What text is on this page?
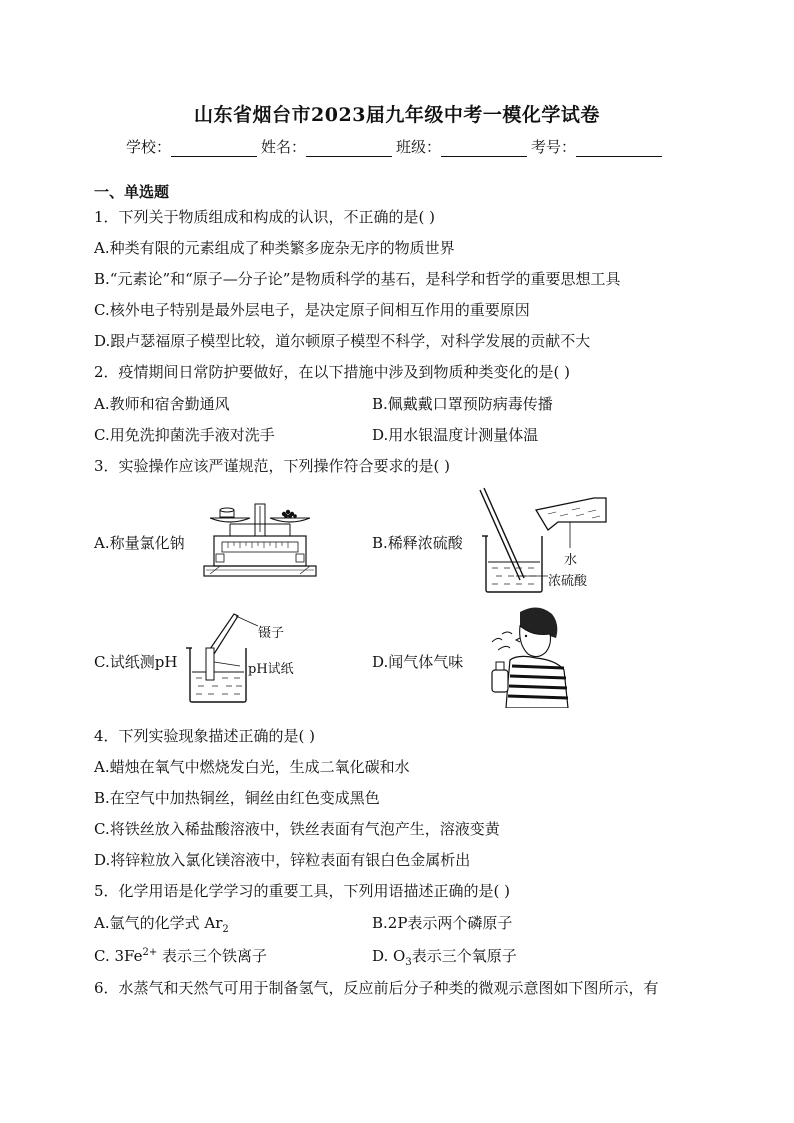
山东省烟台市2023届九年级中考一模化学试卷
学校：	姓名：	班级：	考号：
一、单选题
1．下列关于物质组成和构成的认识，不正确的是( )
A.种类有限的元素组成了种类繁多庞杂无序的物质世界
B.“元素论”和“原子—分子论”是物质科学的基石，是科学和哲学的重要思想工具
C.核外电子特别是最外层电子，是决定原子间相互作用的重要原因
D.跟卢瑟福原子模型比较，道尔顿原子模型不科学，对科学发展的贡献不大
2．疫情期间日常防护要做好，在以下措施中涉及到物质种类变化的是( )
A.教师和宿舍勤通风	B.佩戴戴口罩预防病毒传播
C.用免洗抑菌洗手液对洗手	D.用水银温度计测量体温
3．实验操作应该严谨规范，下列操作符合要求的是( )
A.称量氯化钠	B.稀释浓硫酸
C.试纸测pH	D.闻气体气味
水
浓硫酸
镊子
pH试纸
4．下列实验现象描述正确的是( )
A.蜡烛在氧气中燃烧发白光，生成二氧化碳和水
B.在空气中加热铜丝，铜丝由红色变成黑色
C.将铁丝放入稀盐酸溶液中，铁丝表面有气泡产生，溶液变黄
D.将锌粒放入氯化镁溶液中，锌粒表面有银白色金属析出
5．化学用语是化学学习的重要工具，下列用语描述正确的是( )
A.氩气的化学式 $Ar_2$	B.2P表示两个磷原子
C. $3Fe^{2+}$ 表示三个铁离子	D. $O_3$表示三个氧原子
6．水蒸气和天然气可用于制备氢气，反应前后分子种类的微观示意图如下图所示，有
